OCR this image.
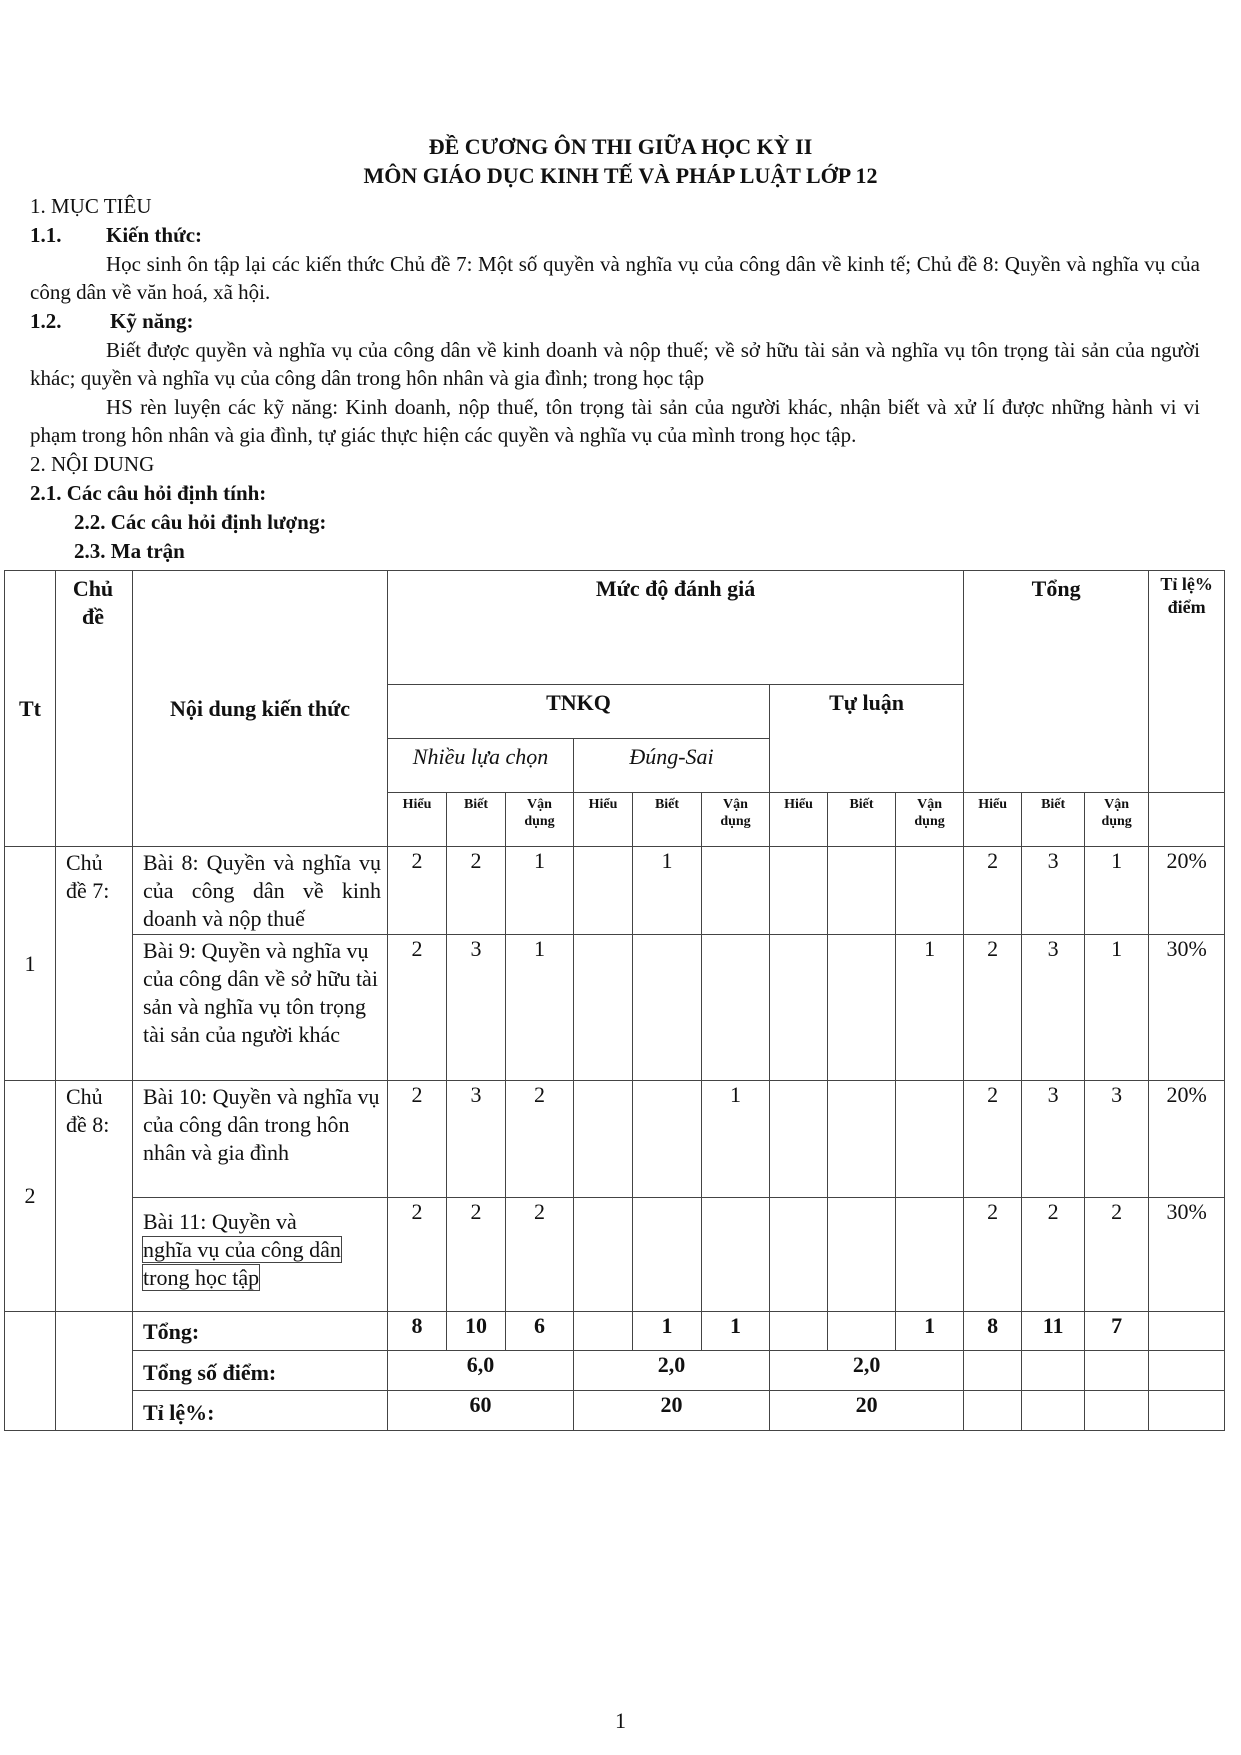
ĐỀ CƯƠNG ÔN THI GIỮA HỌC KỲ II
MÔN GIÁO DỤC KINH TẾ VÀ PHÁP LUẬT LỚP 12
1. MỤC TIÊU
1.1. Kiến thức:
Học sinh ôn tập lại các kiến thức Chủ đề 7: Một số quyền và nghĩa vụ của công dân về kinh tế; Chủ đề 8: Quyền và nghĩa vụ của công dân về văn hoá, xã hội.
1.2. Kỹ năng:
Biết được quyền và nghĩa vụ của công dân về kinh doanh và nộp thuế; về sở hữu tài sản và nghĩa vụ tôn trọng tài sản của người khác; quyền và nghĩa vụ của công dân trong hôn nhân và gia đình; trong học tập
HS rèn luyện các kỹ năng: Kinh doanh, nộp thuế, tôn trọng tài sản của người khác, nhận biết và xử lí được những hành vi vi phạm trong hôn nhân và gia đình, tự giác thực hiện các quyền và nghĩa vụ của mình trong học tập.
2. NỘI DUNG
2.1. Các câu hỏi định tính:
2.2. Các câu hỏi định lượng:
2.3. Ma trận
Tt	Chủ đề	Nội dung kiến thức	Mức độ đánh giá									Tổng			Tỉ lệ% điểm
			TNKQ						Tự luận						
			Nhiều lựa chọn			Đúng-Sai									
			Hiểu	Biết	Vận dụng	Hiểu	Biết	Vận dụng	Hiểu	Biết	Vận dụng	Hiểu	Biết	Vận dụng	
1	Chủ đề 7:	Bài 8: Quyền và nghĩa vụ của công dân về kinh doanh và nộp thuế	2	2	1		1					2	3	1	20%
		Bài 9: Quyền và nghĩa vụ của công dân về sở hữu tài sản và nghĩa vụ tôn trọng tài sản của người khác	2	3	1						1	2	3	1	30%
2	Chủ đề 8:	Bài 10: Quyền và nghĩa vụ của công dân trong hôn nhân và gia đình	2	3	2			1				2	3	3	20%

		Bài 11: Quyền và
nghĩa vụ của công dân
trong học tập	2	2	2							2	2	2	30%
		Tổng:	8	10	6		1	1			1	8	11	7	
		Tổng số điểm:	6,0			2,0			2,0						
		Tỉ lệ%:	60			20			20						
1
